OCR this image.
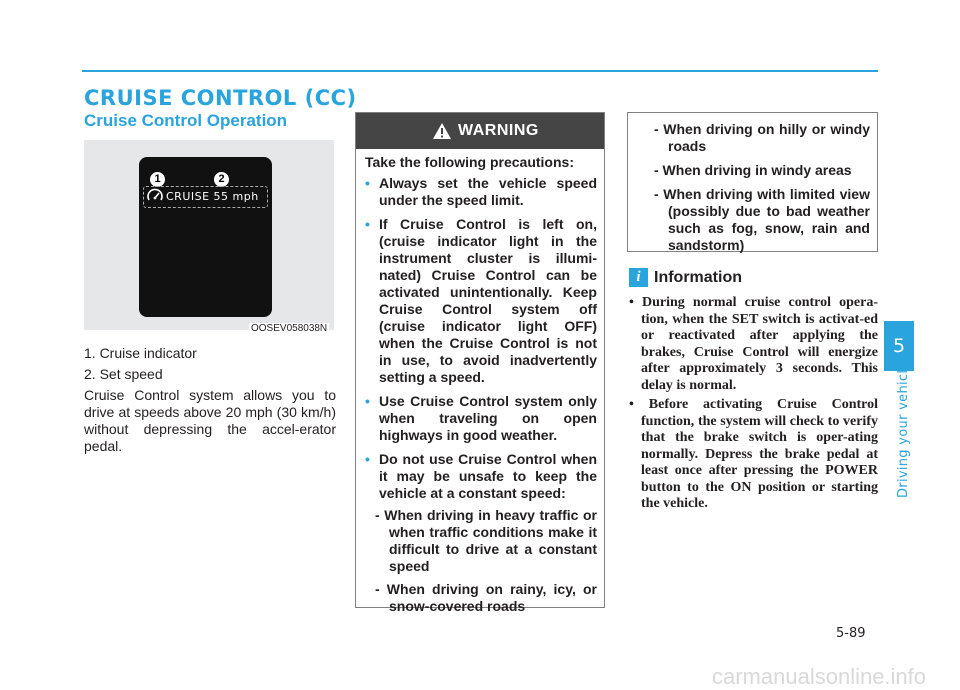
CRUISE CONTROL (CC)
Cruise Control Operation
1	2
CRUISE 55 mph
OOSEV058038N

1. Cruise indicator

2. Set speed

Cruise Control system allows you to drive at speeds above 20 mph (30 km/h) without depressing the accel-erator pedal.

WARNING

Take the following precautions:

• Always set the vehicle speed under the speed limit.

• If Cruise Control is left on, (cruise indicator light in the instrument cluster is illumi-nated) Cruise Control can be activated unintentionally. Keep Cruise Control system off (cruise indicator light OFF) when the Cruise Control is not in use, to avoid inadvertently setting a speed.

• Use Cruise Control system only when traveling on open highways in good weather.

• Do not use Cruise Control when it may be unsafe to keep the vehicle at a constant speed:

- When driving in heavy traffic or when traffic conditions make it difficult to drive at a constant speed

- When driving on rainy, icy, or snow-covered roads

- When driving on hilly or windy roads

- When driving in windy areas

- When driving with limited view (possibly due to bad weather such as fog, snow, rain and sandstorm)

i Information

• During normal cruise control opera-tion, when the SET switch is activat-ed or reactivated after applying the brakes, Cruise Control will energize after approximately 3 seconds. This delay is normal.

• Before activating Cruise Control function, the system will check to verify that the brake switch is oper-ating normally. Depress the brake pedal at least once after pressing the POWER button to the ON position or starting the vehicle.

5
Driving your vehicle
5-89
carmanualsonline.info
